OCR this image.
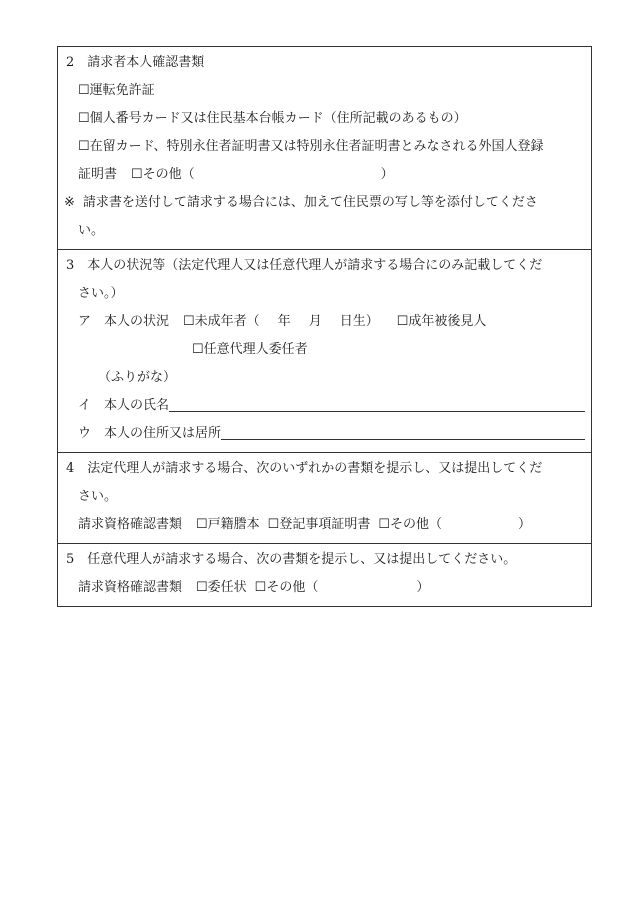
2　請求者本人確認書類
☐運転免許証
☐個人番号カード又は住民基本台帳カード（住所記載のあるもの）
☐在留カード、特別永住者証明書又は特別永住者証明書とみなされる外国人登録
証明書 ☐その他（	）
※ 請求書を送付して請求する場合には、加えて住民票の写し等を添付してくださ
い。
3　本人の状況等（法定代理人又は任意代理人が請求する場合にのみ記載してくだ
さい。）
ア　本人の状況 ☐未成年者（ 年 月 日生） ☐成年被後見人
☐任意代理人委任者
（ふりがな）
イ　本人の氏名
ウ　本人の住所又は居所
4　法定代理人が請求する場合、次のいずれかの書類を提示し、又は提出してくだ
さい。
請求資格確認書類 ☐戸籍謄本 ☐登記事項証明書 ☐その他（	）
5　任意代理人が請求する場合、次の書類を提示し、又は提出してください。
請求資格確認書類 ☐委任状 ☐その他（	）
